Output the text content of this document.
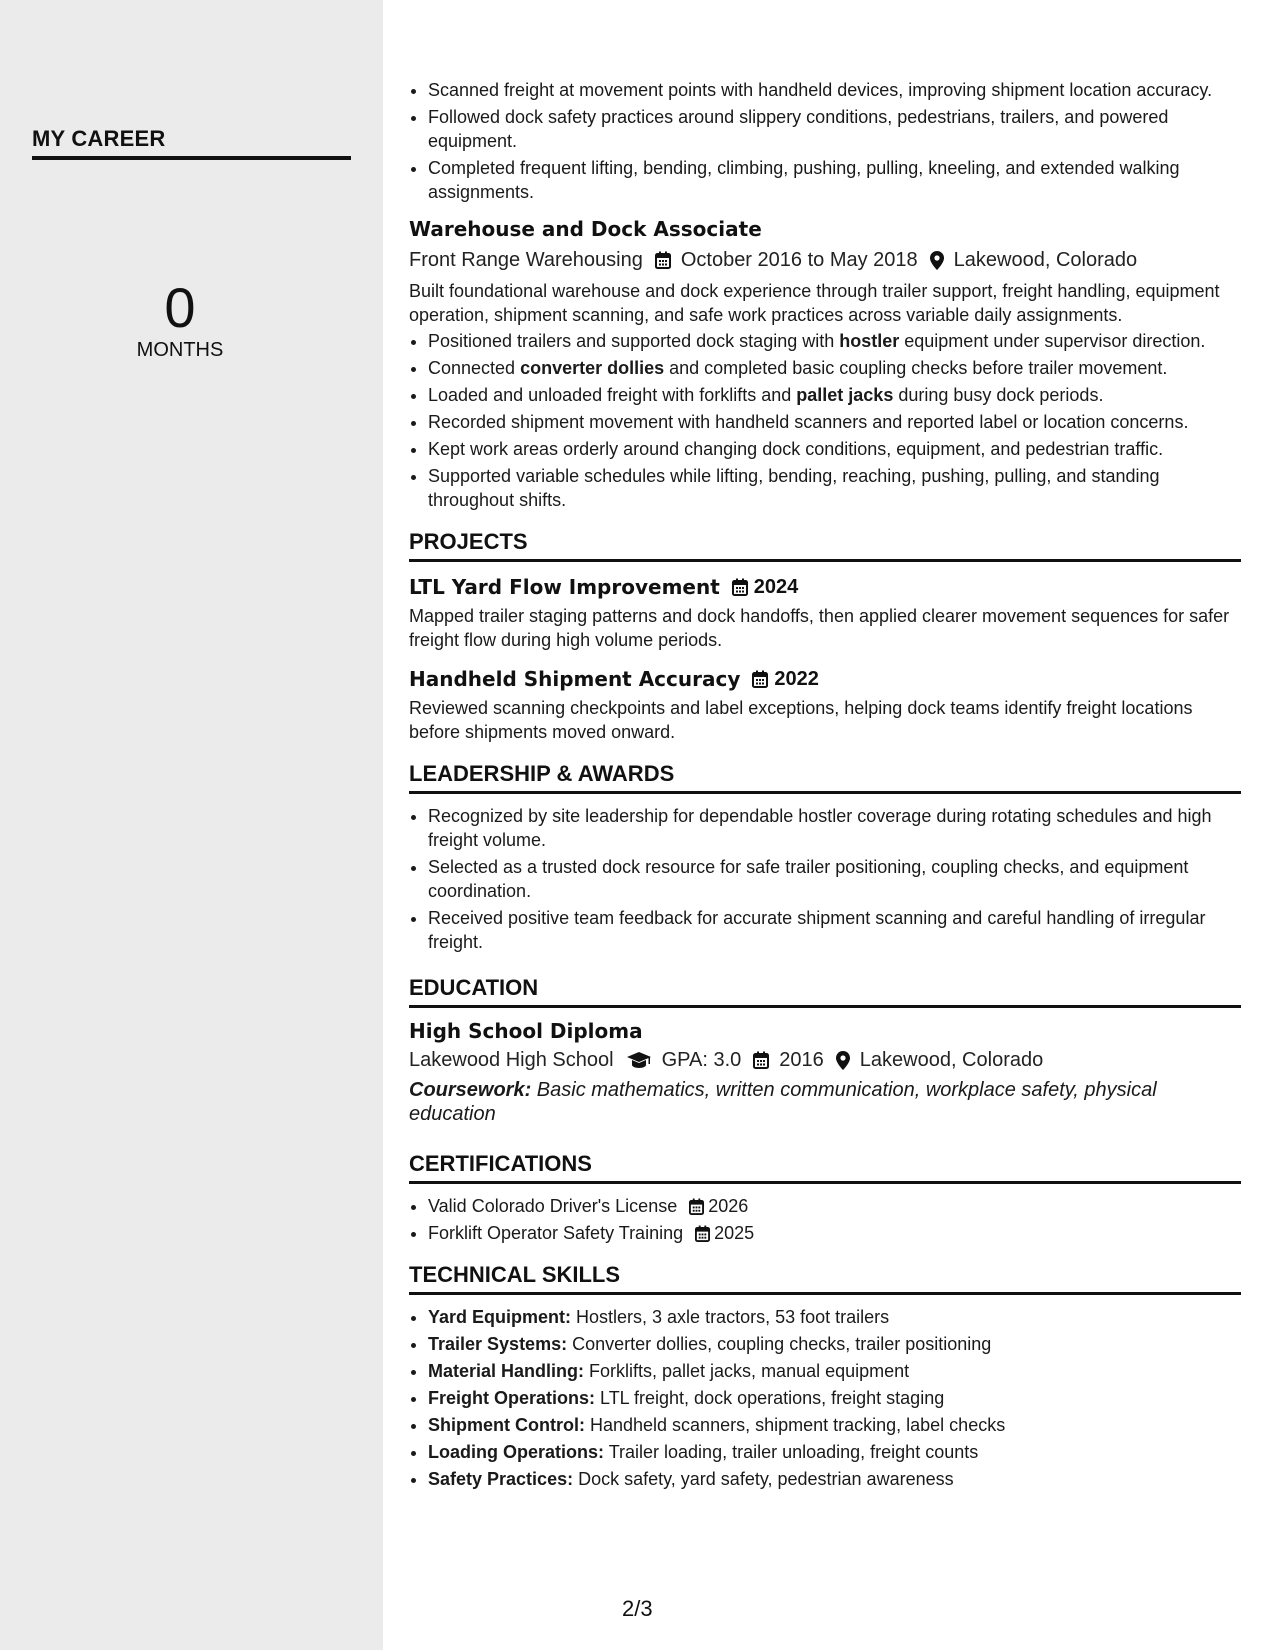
MY CAREER
0
MONTHS
• Scanned freight at movement points with handheld devices, improving shipment location accuracy.
• Followed dock safety practices around slippery conditions, pedestrians, trailers, and powered equipment.
• Completed frequent lifting, bending, climbing, pushing, pulling, kneeling, and extended walking assignments.
Warehouse and Dock Associate
Front Range Warehousing October 2016 to May 2018 Lakewood, Colorado

Built foundational warehouse and dock experience through trailer support, freight handling, equipment operation, shipment scanning, and safe work practices across variable daily assignments.

• Positioned trailers and supported dock staging with hostler equipment under supervisor direction.
• Connected converter dollies and completed basic coupling checks before trailer movement.
• Loaded and unloaded freight with forklifts and pallet jacks during busy dock periods.
• Recorded shipment movement with handheld scanners and reported label or location concerns.
• Kept work areas orderly around changing dock conditions, equipment, and pedestrian traffic.
• Supported variable schedules while lifting, bending, reaching, pushing, pulling, and standing throughout shifts.
PROJECTS
LTL Yard Flow Improvement 2024

Mapped trailer staging patterns and dock handoffs, then applied clearer movement sequences for safer freight flow during high volume periods.

Handheld Shipment Accuracy 2022

Reviewed scanning checkpoints and label exceptions, helping dock teams identify freight locations before shipments moved onward.

LEADERSHIP & AWARDS
• Recognized by site leadership for dependable hostler coverage during rotating schedules and high freight volume.
• Selected as a trusted dock resource for safe trailer positioning, coupling checks, and equipment coordination.
• Received positive team feedback for accurate shipment scanning and careful handling of irregular freight.
EDUCATION
High School Diploma
Lakewood High School GPA: 3.0 2016 Lakewood, Colorado

Coursework: Basic mathematics, written communication, workplace safety, physical education

CERTIFICATIONS
• Valid Colorado Driver's License 2026
• Forklift Operator Safety Training 2025
TECHNICAL SKILLS
• Yard Equipment: Hostlers, 3 axle tractors, 53 foot trailers
• Trailer Systems: Converter dollies, coupling checks, trailer positioning
• Material Handling: Forklifts, pallet jacks, manual equipment
• Freight Operations: LTL freight, dock operations, freight staging
• Shipment Control: Handheld scanners, shipment tracking, label checks
• Loading Operations: Trailer loading, trailer unloading, freight counts
• Safety Practices: Dock safety, yard safety, pedestrian awareness
2/3
